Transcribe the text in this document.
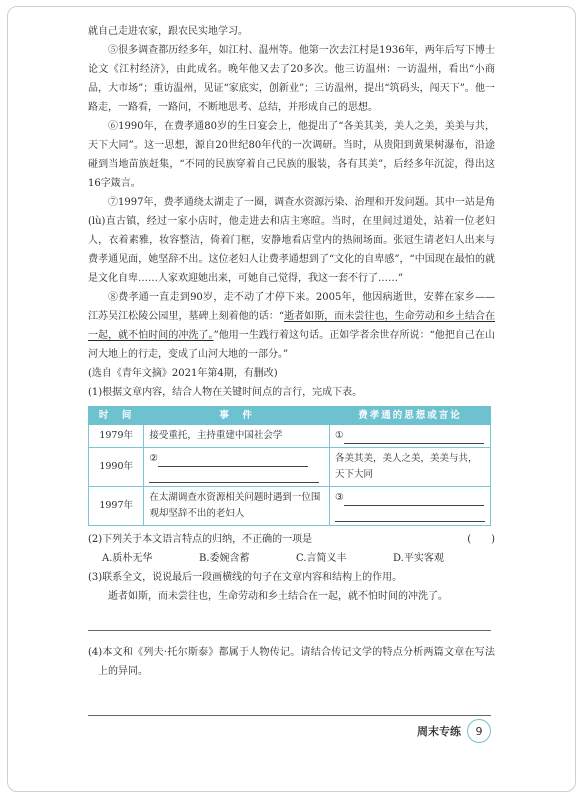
就自己走进农家，跟农民实地学习。

⑤很多调查都历经多年，如江村、温州等。他第一次去江村是1936年，两年后写下博士论文《江村经济》，由此成名。晚年他又去了20多次。他三访温州：一访温州，看出“小商品，大市场”；重访温州，见证“家底实，创新业”；三访温州，提出“筑码头，闯天下”。他一路走，一路看，一路问，不断地思考、总结，并形成自己的思想。

⑥1990年，在费孝通80岁的生日宴会上，他提出了“各美其美，美人之美，美美与共，天下大同”。这一思想，源自20世纪80年代的一次调研。当时，从贵阳到黄果树瀑布，沿途碰到当地苗族赶集，“不同的民族穿着自己民族的服装，各有其美”，后经多年沉淀，得出这16字箴言。

⑦1997年，费孝通绕太湖走了一圈，调查水资源污染、治理和开发问题。其中一站是角(lù)直古镇，经过一家小店时，他走进去和店主寒暄。当时，在里间过道处，站着一位老妇人，衣着素雅，妆容整洁，倚着门框，安静地看店堂内的热闹场面。张冠生请老妇人出来与费孝通见面，她坚辞不出。这位老妇人让费孝通想到了“文化的自卑感”，“中国现在最怕的就是文化自卑……人家欢迎她出来，可她自己觉得，我这一套不行了……”

⑧费孝通一直走到90岁，走不动了才停下来。2005年，他因病逝世，安葬在家乡——江苏吴江松陵公园里，墓碑上刻着他的话：“逝者如斯，而未尝往也，生命劳动和乡土结合在一起，就不怕时间的冲洗了。”他用一生践行着这句话。正如学者余世存所说：“他把自己在山河大地上的行走，变成了山河大地的一部分。”

(选自《青年文摘》2021年第4期，有删改)

(1)根据文章内容，结合人物在关键时间点的言行，完成下表。

时　间	事　件	费孝通的思想或言论
1979年	接受重托，主持重建中国社会学	①
1990年	②	各美其美，美人之美，美美与共，天下大同
1997年	在太湖调查水资源相关问题时遇到一位围观却坚辞不出的老妇人	③

(2)下列关于本文语言特点的归纳，不正确的一项是	(　　)
A.质朴无华	B.委婉含蓄	C.言简义丰	D.平实客观

(3)联系全文，说说最后一段画横线的句子在文章内容和结构上的作用。

逝者如斯，而未尝往也，生命劳动和乡土结合在一起，就不怕时间的冲洗了。

(4)本文和《列夫·托尔斯泰》都属于人物传记。请结合传记文学的特点分析两篇文章在写法上的异同。

周末专练	9
